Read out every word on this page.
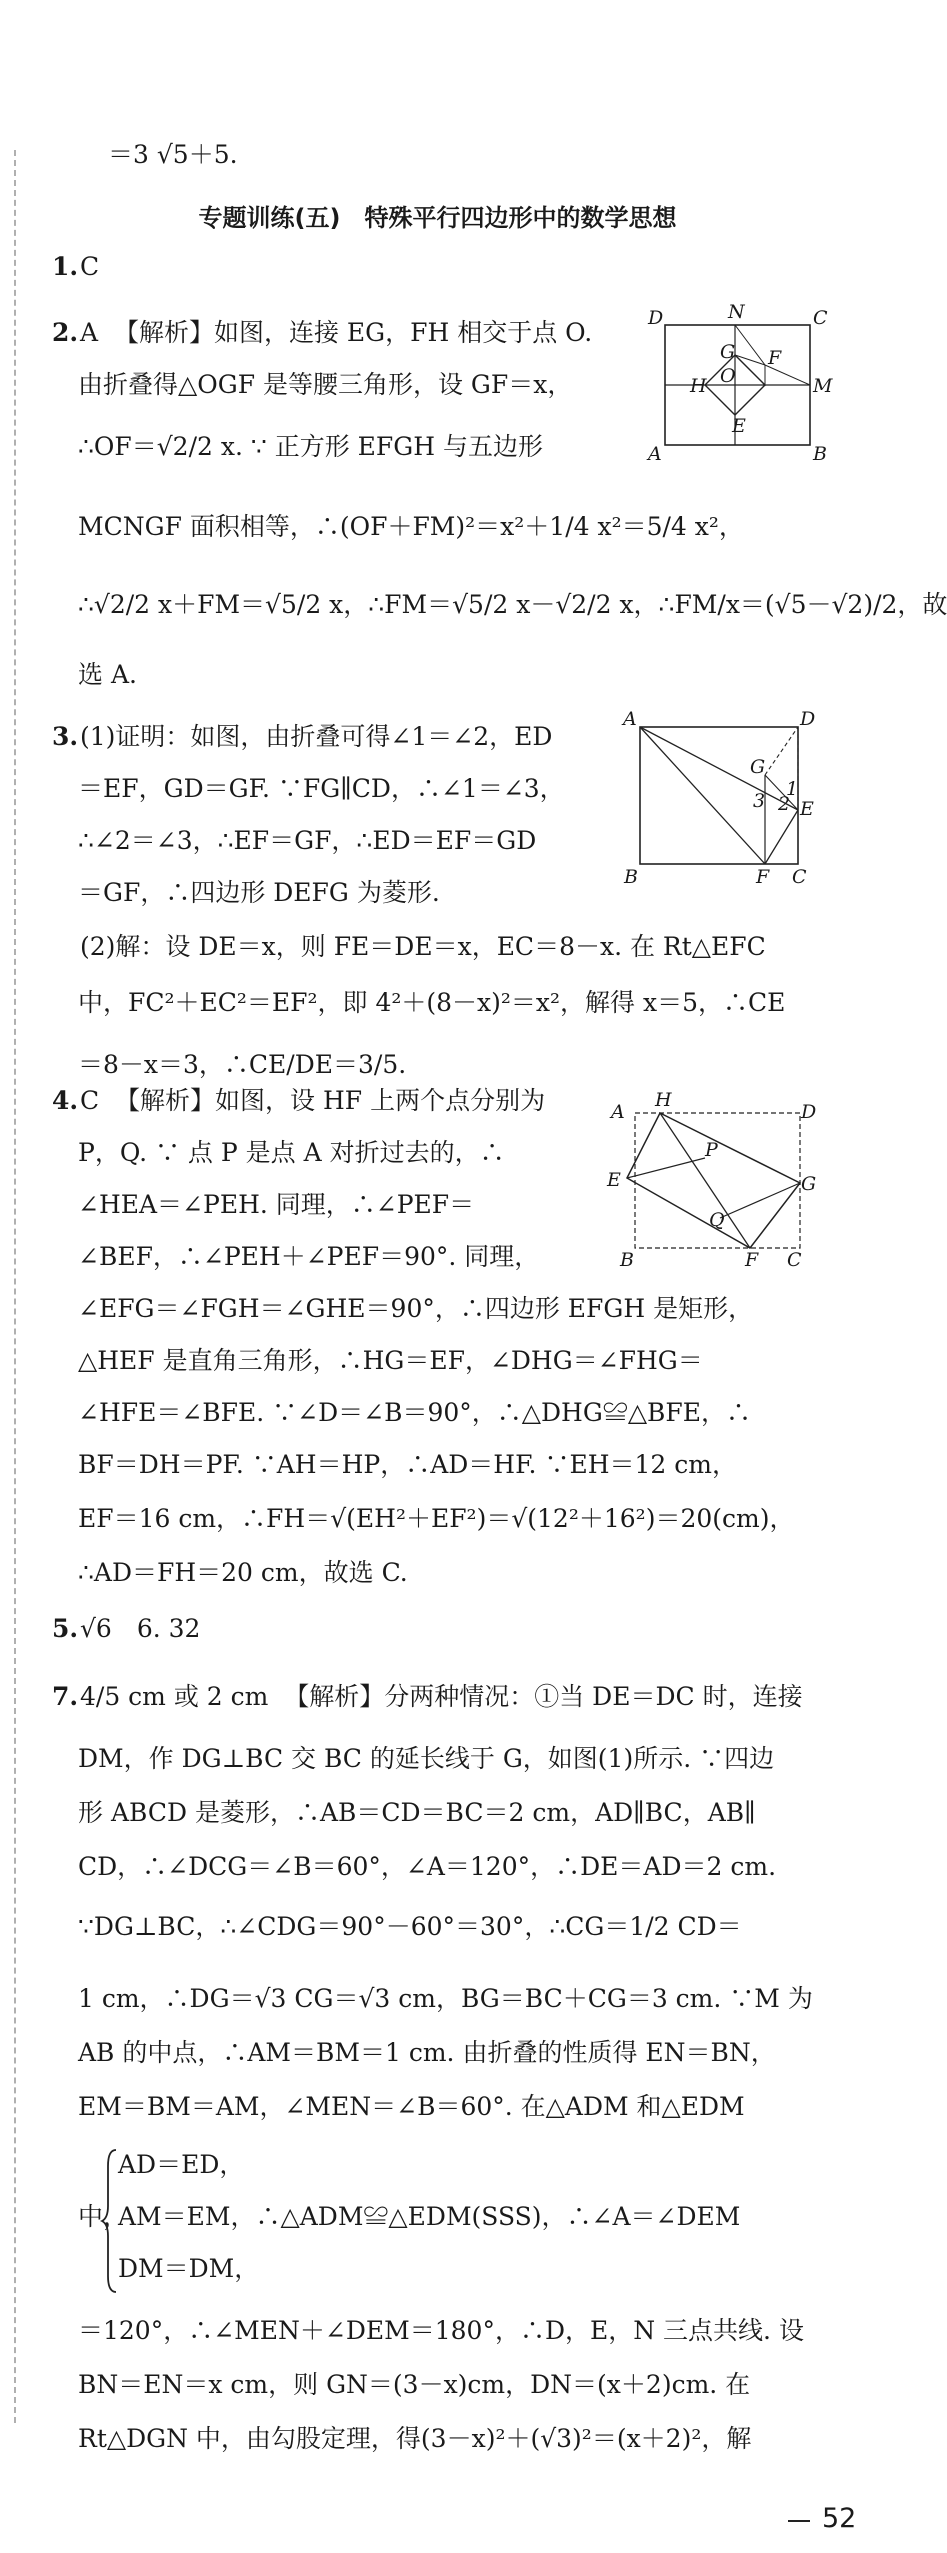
＝3 √5＋5.
专题训练(五)　特殊平行四边形中的数学思想
1. C
2. A  【解析】如图，连接 EG，FH 相交于点 O.
由折叠得△OGF 是等腰三角形，设 GF＝x，
∴OF＝√2/2 x. ∵ 正方形 EFGH 与五边形
MCNGF 面积相等，∴(OF＋FM)²＝x²＋1/4 x²＝5/4 x²，
∴√2/2 x＋FM＝√5/2 x，∴FM＝√5/2 x－√2/2 x，∴FM/x＝(√5－√2)/2，故
选 A.
D	N	C
G F
M
H O
E
A	B
3. (1)证明：如图，由折叠可得∠1＝∠2，ED
＝EF，GD＝GF. ∵FG∥CD，∴∠1＝∠3，
∴∠2＝∠3，∴EF＝GF，∴ED＝EF＝GD
＝GF，∴四边形 DEFG 为菱形.
(2)解：设 DE＝x，则 FE＝DE＝x，EC＝8－x. 在 Rt△EFC
中，FC²＋EC²＝EF²，即 4²＋(8－x)²＝x²，解得 x＝5，∴CE
＝8－x＝3，∴CE/DE＝3/5.
A	D
G
3 2
1
E
B	F C
4. C  【解析】如图，设 HF 上两个点分别为
P，Q. ∵ 点 P 是点 A 对折过去的，∴
∠HEA＝∠PEH. 同理，∴∠PEF＝
∠BEF，∴∠PEH＋∠PEF＝90°. 同理，
∠EFG＝∠FGH＝∠GHE＝90°，∴四边形 EFGH 是矩形，
△HEF 是直角三角形，∴HG＝EF，∠DHG＝∠FHG＝
∠HFE＝∠BFE. ∵∠D＝∠B＝90°，∴△DHG≌△BFE，∴
BF＝DH＝PF. ∵AH＝HP，∴AD＝HF. ∵EH＝12 cm，
EF＝16 cm，∴FH＝√(EH²＋EF²)＝√(12²＋16²)＝20(cm)，
∴AD＝FH＝20 cm，故选 C.
A
H
D
P
E	G
Q
B	F C
5. √6　6. 32
7. 4/5 cm 或 2 cm  【解析】分两种情况：①当 DE＝DC 时，连接
DM，作 DG⊥BC 交 BC 的延长线于 G，如图(1)所示. ∵四边
形 ABCD 是菱形，∴AB＝CD＝BC＝2 cm，AD∥BC，AB∥
CD，∴∠DCG＝∠B＝60°，∠A＝120°，∴DE＝AD＝2 cm.
∵DG⊥BC，∴∠CDG＝90°－60°＝30°，∴CG＝1/2 CD＝
1 cm，∴DG＝√3 CG＝√3 cm，BG＝BC＋CG＝3 cm. ∵M 为
AB 的中点，∴AM＝BM＝1 cm. 由折叠的性质得 EN＝BN，
EM＝BM＝AM，∠MEN＝∠B＝60°. 在△ADM 和△EDM
AD＝ED，
中，
AM＝EM，∴△ADM≌△EDM(SSS)，∴∠A＝∠DEM
DM＝DM，
＝120°，∴∠MEN＋∠DEM＝180°，∴D，E，N 三点共线. 设
BN＝EN＝x cm，则 GN＝(3－x)cm，DN＝(x＋2)cm. 在
Rt△DGN 中，由勾股定理，得(3－x)²＋(√3)²＝(x＋2)²，解
52
